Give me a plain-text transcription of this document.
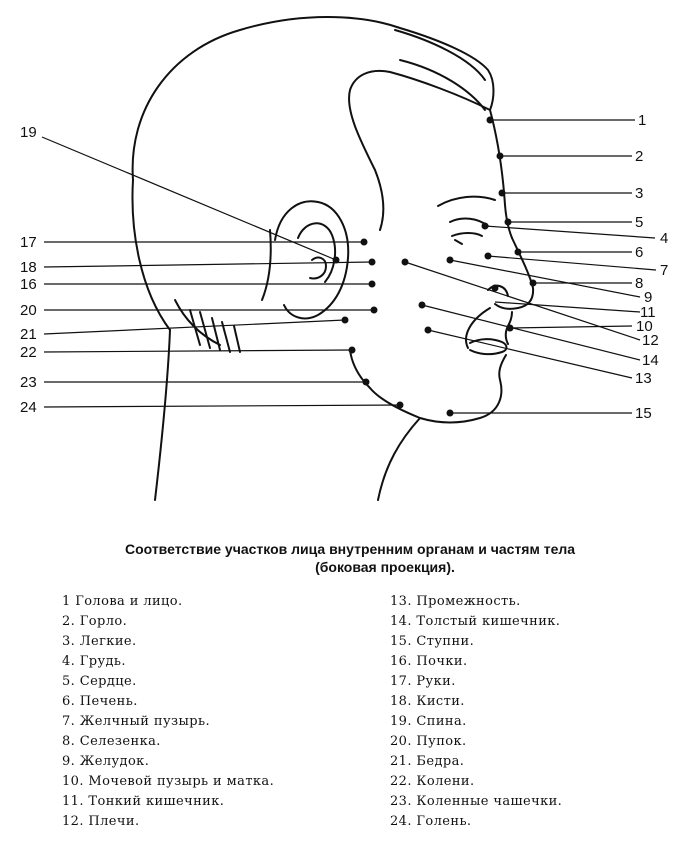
1
2
3
5
4
6
7
8
9
11
10
12
14
13
15
19
17
18
16
20
21
22
23
24
Соответствие участков лица внутренним органам и частям тела
(боковая проекция).
1 Голова и лицо.
2. Горло.
3. Легкие.
4. Грудь.
5. Сердце.
6. Печень.
7. Желчный пузырь.
8. Селезенка.
9. Желудок.
10. Мочевой пузырь и матка.
11. Тонкий кишечник.
12. Плечи.
13. Промежность.
14. Толстый кишечник.
15. Ступни.
16. Почки.
17. Руки.
18. Кисти.
19. Спина.
20. Пупок.
21. Бедра.
22. Колени.
23. Коленные чашечки.
24. Голень.
